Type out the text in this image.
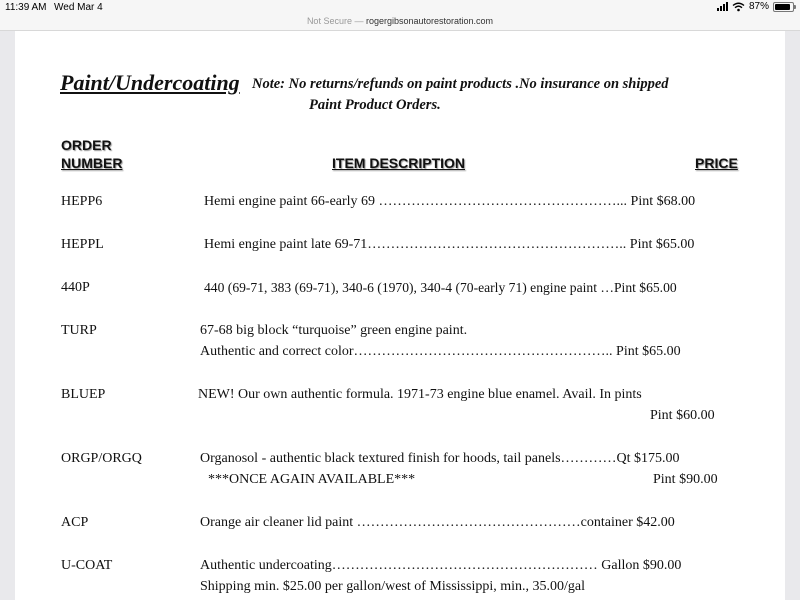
11:39 AM Wed Mar 4	87%
Not Secure — rogergibsonautorestoration.com
Paint/Undercoating Note: No returns/refunds on paint products .No insurance on shipped
Paint Product Orders.
ORDER
NUMBER	ITEM DESCRIPTION	PRICE
HEPP6	Hemi engine paint 66-early 69 ……………………………………………... Pint $68.00
HEPPL	Hemi engine paint late 69-71……………………………………………….. Pint $65.00
440P	440 (69-71, 383 (69-71), 340-6 (1970), 340-4 (70-early 71) engine paint …Pint $65.00
TURP	67-68 big block “turquoise” green engine paint.
Authentic and correct color……………………………………………….. Pint $65.00
BLUEP	NEW! Our own authentic formula. 1971-73 engine blue enamel. Avail. In pints
Pint $60.00
ORGP/ORGQ	Organosol - authentic black textured finish for hoods, tail panels…………Qt $175.00
***ONCE AGAIN AVAILABLE***	Pint $90.00
ACP	Orange air cleaner lid paint …………………………………………container $42.00
U-COAT	Authentic undercoating………………………………………………… Gallon $90.00
Shipping min. $25.00 per gallon/west of Mississippi, min., 35.00/gal
